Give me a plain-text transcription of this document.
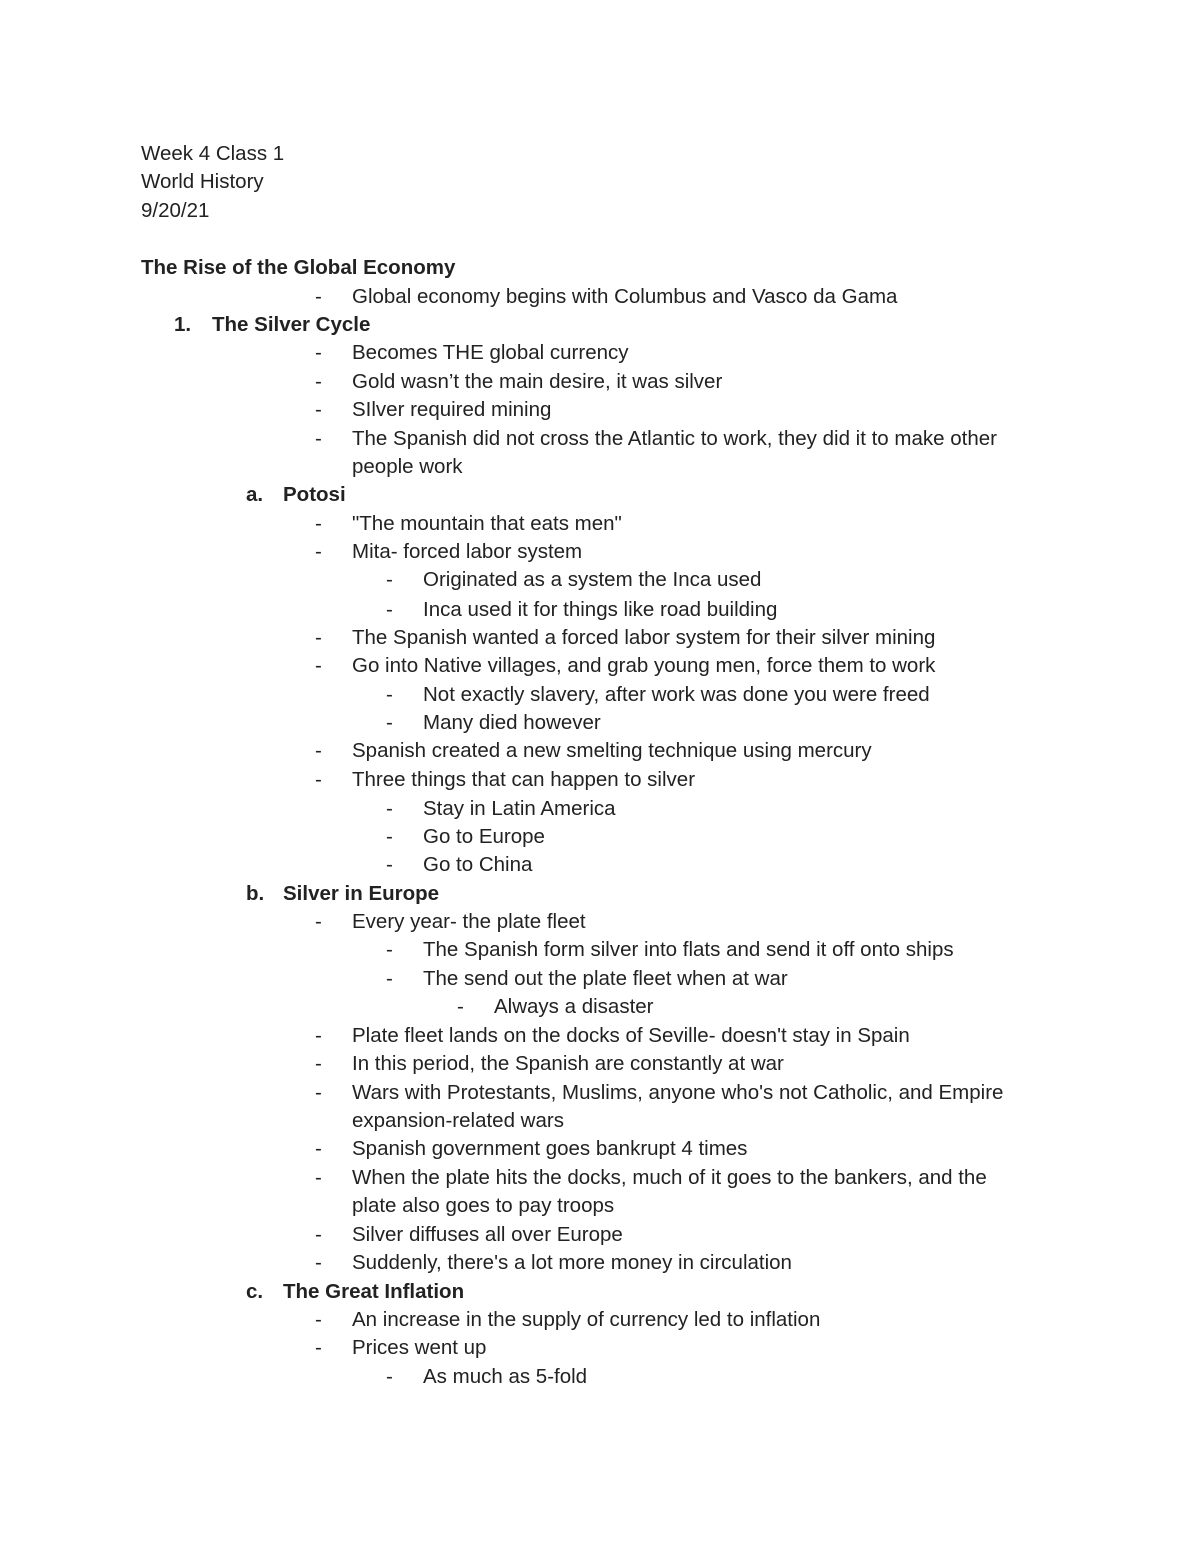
Week 4 Class 1
World History
9/20/21
The Rise of the Global Economy
- Global economy begins with Columbus and Vasco da Gama
1. The Silver Cycle
- Becomes THE global currency
- Gold wasn’t the main desire, it was silver
- SIlver required mining
- The Spanish did not cross the Atlantic to work, they did it to make other
people work
a. Potosi
- "The mountain that eats men"
- Mita- forced labor system
- Originated as a system the Inca used
- Inca used it for things like road building
- The Spanish wanted a forced labor system for their silver mining
- Go into Native villages, and grab young men, force them to work
- Not exactly slavery, after work was done you were freed
- Many died however
- Spanish created a new smelting technique using mercury
- Three things that can happen to silver
- Stay in Latin America
- Go to Europe
- Go to China
b. Silver in Europe
- Every year- the plate fleet
- The Spanish form silver into flats and send it off onto ships
- The send out the plate fleet when at war
- Always a disaster
- Plate fleet lands on the docks of Seville- doesn't stay in Spain
- In this period, the Spanish are constantly at war
- Wars with Protestants, Muslims, anyone who's not Catholic, and Empire
expansion-related wars
- Spanish government goes bankrupt 4 times
- When the plate hits the docks, much of it goes to the bankers, and the
plate also goes to pay troops
- Silver diffuses all over Europe
- Suddenly, there's a lot more money in circulation
c. The Great Inflation
- An increase in the supply of currency led to inflation
- Prices went up
- As much as 5-fold
